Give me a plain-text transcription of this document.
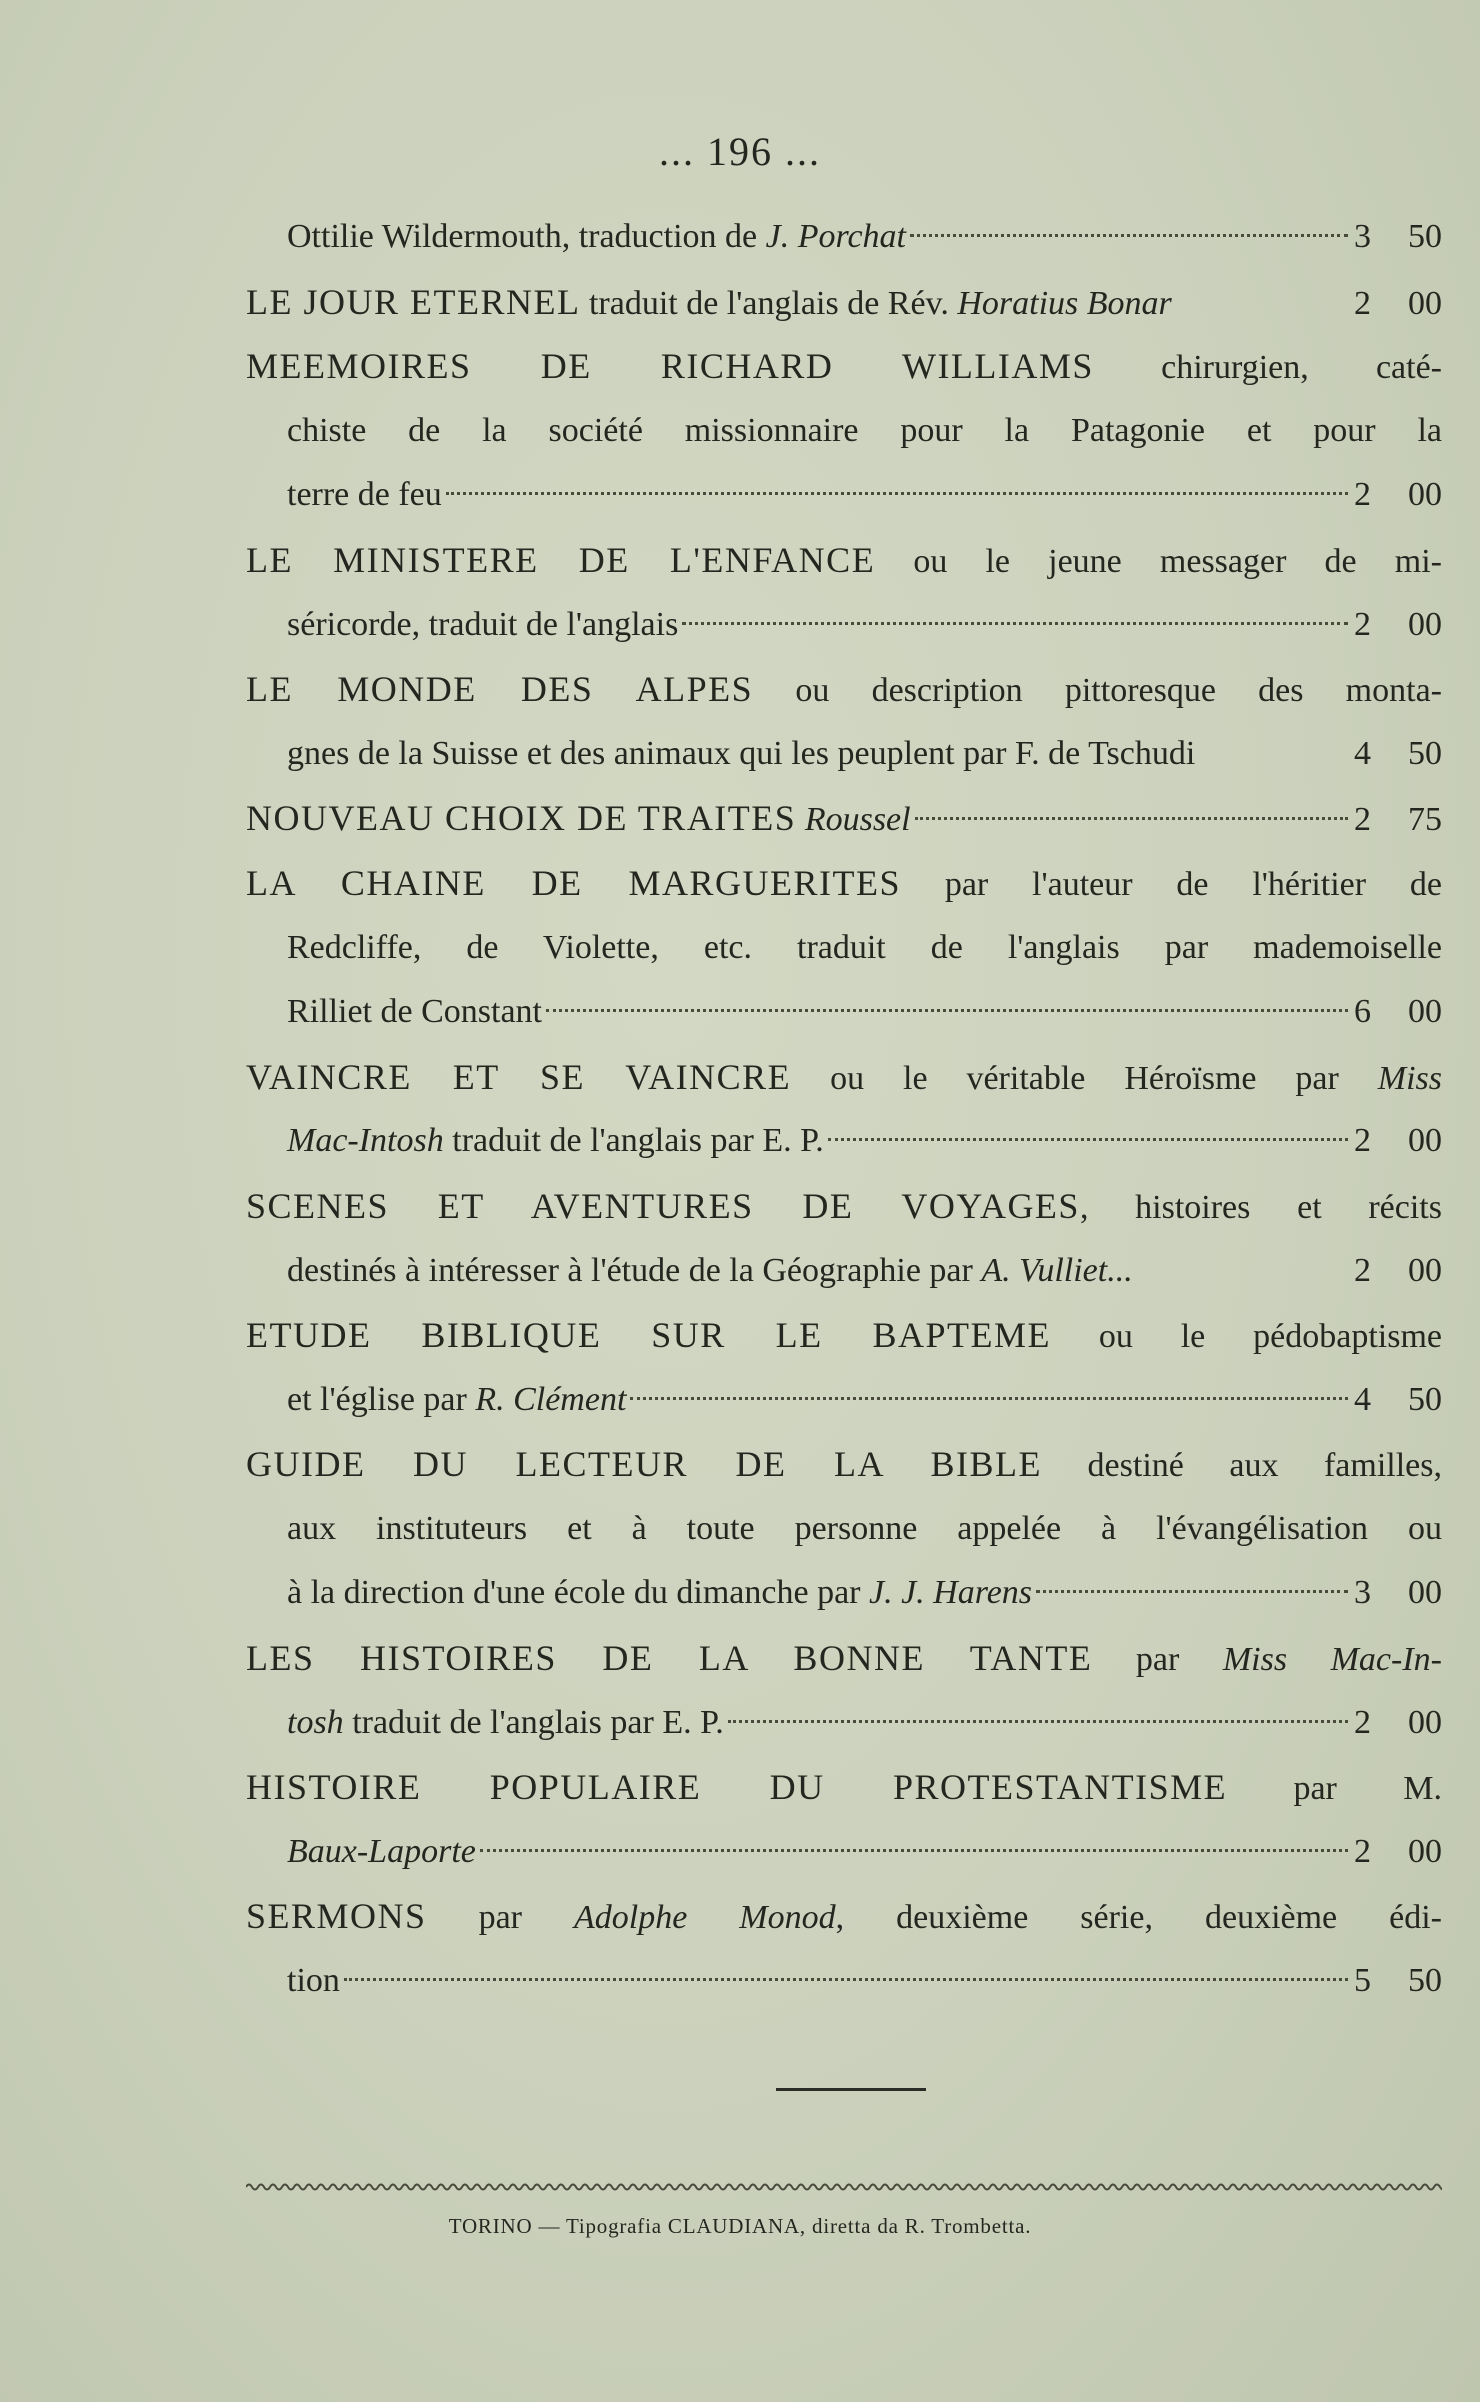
... 196 ...
Ottilie Wildermouth, traduction de J. Porchat	3 50
LE JOUR ETERNEL traduit de l'anglais de Rév. Horatius Bonar	2 00
MEEMOIRES DE RICHARD WILLIAMS chirurgien, caté-
chiste de la société missionnaire pour la Patagonie et pour la
terre de feu	2 00
LE MINISTERE DE L'ENFANCE ou le jeune messager de mi-
séricorde, traduit de l'anglais	2 00
LE MONDE DES ALPES ou description pittoresque des monta-
gnes de la Suisse et des animaux qui les peuplent par F. de Tschudi	4 50
NOUVEAU CHOIX DE TRAITES Roussel	2 75
LA CHAINE DE MARGUERITES par l'auteur de l'héritier de
Redcliffe, de Violette, etc. traduit de l'anglais par mademoiselle
Rilliet de Constant	6 00
VAINCRE ET SE VAINCRE ou le véritable Héroïsme par Miss
Mac-Intosh traduit de l'anglais par E. P.	2 00
SCENES ET AVENTURES DE VOYAGES, histoires et récits
destinés à intéresser à l'étude de la Géographie par A. Vulliet...	2 00
ETUDE BIBLIQUE SUR LE BAPTEME ou le pédobaptisme
et l'église par R. Clément	4 50
GUIDE DU LECTEUR DE LA BIBLE destiné aux familles,
aux instituteurs et à toute personne appelée à l'évangélisation ou
à la direction d'une école du dimanche par J. J. Harens	3 00
LES HISTOIRES DE LA BONNE TANTE par Miss Mac-In-
tosh traduit de l'anglais par E. P.	2 00
HISTOIRE POPULAIRE DU PROTESTANTISME par M.
Baux-Laporte	2 00
SERMONS par Adolphe Monod, deuxième série, deuxième édi-
tion	5 50
TORINO — Tipografia CLAUDIANA, diretta da R. Trombetta.
